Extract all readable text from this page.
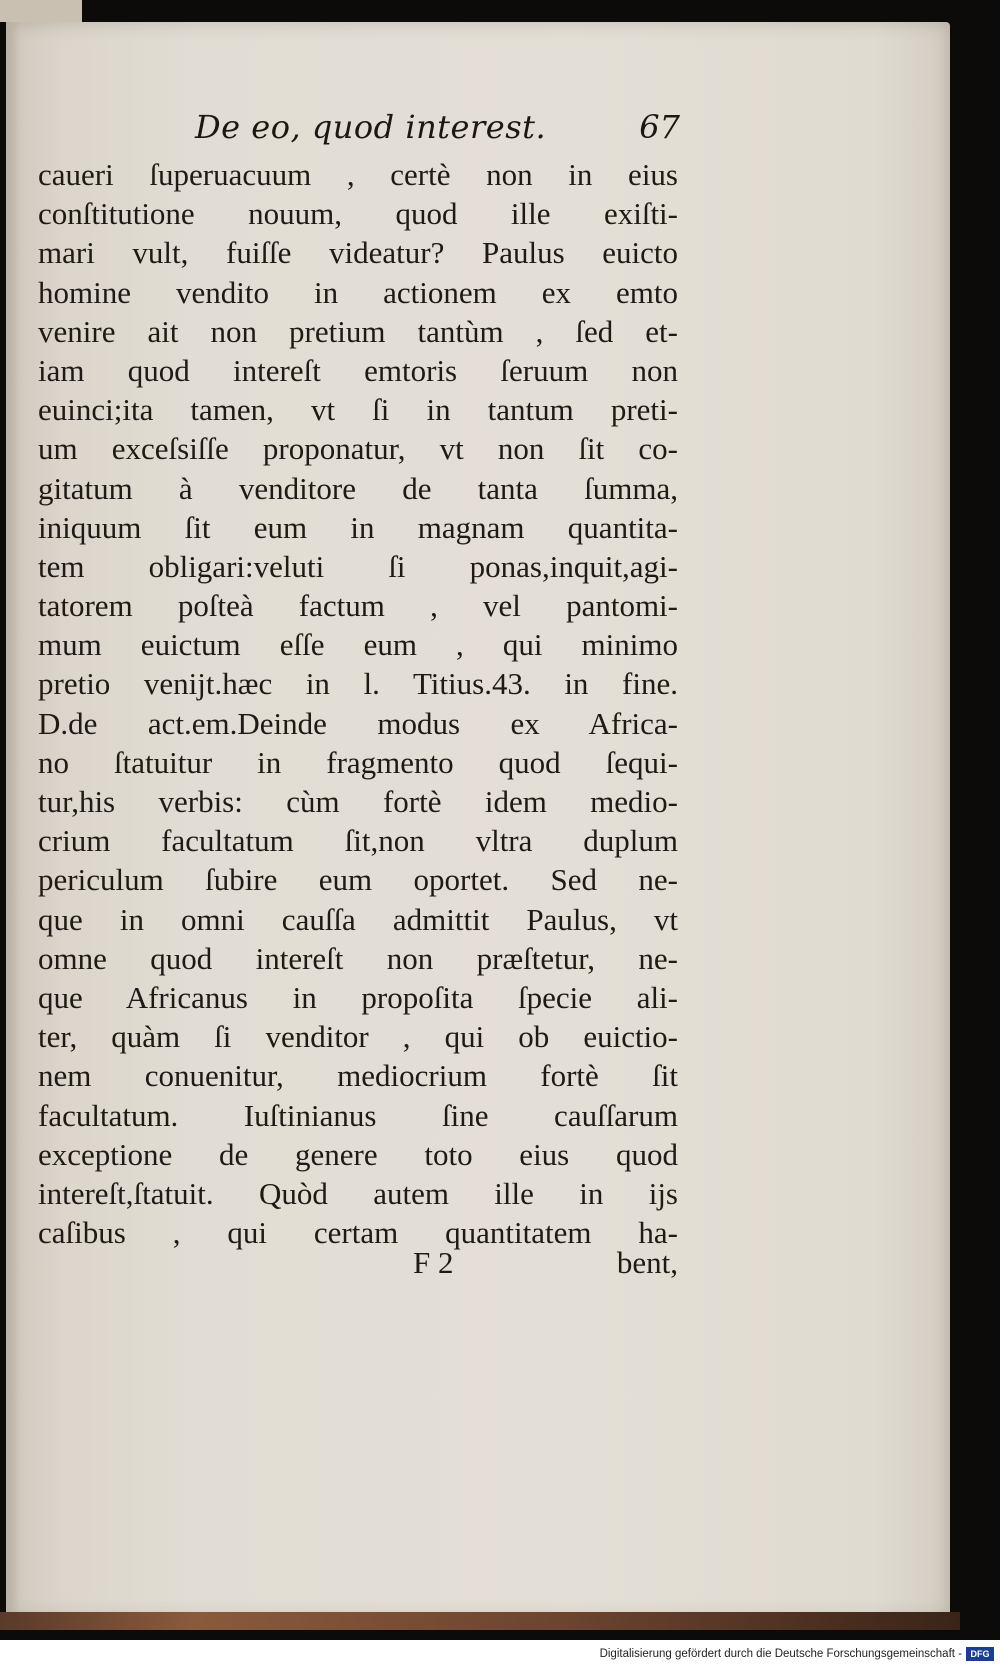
De eo, quod interest.	67
caueri ſuperuacuum , certè non in eius
conſtitutione nouum, quod ille exiſti-
mari vult, fuiſſe videatur? Paulus euicto
homine vendito in actionem ex emto
venire ait non pretium tantùm , ſed et-
iam quod intereſt emtoris ſeruum non
euinci;ita tamen, vt ſi in tantum preti-
um exceſsiſſe proponatur, vt non ſit co-
gitatum à venditore de tanta ſumma,
iniquum ſit eum in magnam quantita-
tem obligari:veluti ſi ponas,inquit,agi-
tatorem poſteà factum , vel pantomi-
mum euictum eſſe eum , qui minimo
pretio venijt.hæc in l. Titius.43. in fine.
D.de act.em.Deinde modus ex Africa-
no ſtatuitur in fragmento quod ſequi-
tur,his verbis: cùm fortè idem medio-
crium facultatum ſit,non vltra duplum
periculum ſubire eum oportet. Sed ne-
que in omni cauſſa admittit Paulus, vt
omne quod intereſt non præſtetur, ne-
que Africanus in propoſita ſpecie ali-
ter, quàm ſi venditor , qui ob euictio-
nem conuenitur, mediocrium fortè ſit
facultatum. Iuſtinianus ſine cauſſarum
exceptione de genere toto eius quod
intereſt,ſtatuit. Quòd autem ille in ijs
caſibus , qui certam quantitatem ha-
F 2	bent,
Digitalisierung gefördert durch die Deutsche Forschungsgemeinschaft - DFG
